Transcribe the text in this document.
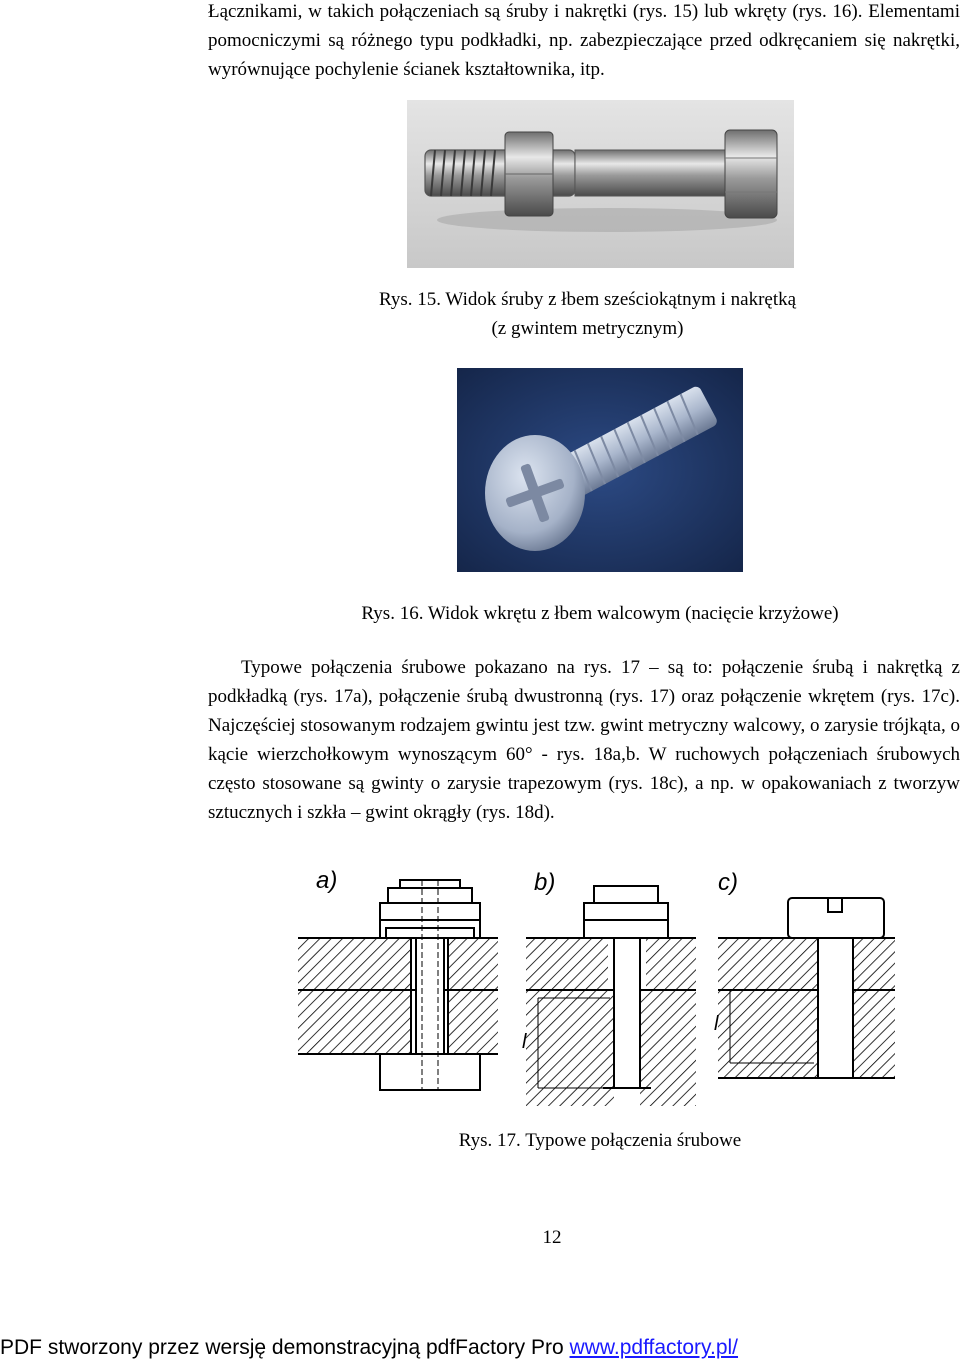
Łącznikami, w takich połączeniach są śruby i nakrętki (rys. 15) lub wkręty (rys. 16). Elementami pomocniczymi są różnego typu podkładki, np. zabezpieczające przed odkręcaniem się nakrętki, wyrównujące pochylenie ścianek kształtownika, itp.

Rys. 15. Widok śruby z łbem sześciokątnym i nakrętką

(z gwintem metrycznym)

Rys. 16. Widok wkrętu z łbem walcowym (nacięcie krzyżowe)

Typowe połączenia śrubowe pokazano na rys. 17 – są to: połączenie śrubą i nakrętką z podkładką (rys. 17a), połączenie śrubą dwustronną (rys. 17) oraz połączenie wkrętem (rys. 17c). Najczęściej stosowanym rodzajem gwintu jest tzw. gwint metryczny walcowy, o zarysie trójkąta, o kącie wierzchołkowym wynoszącym 60° - rys. 18a,b. W ruchowych połączeniach śrubowych często stosowane są gwinty o zarysie trapezowym (rys. 18c), a np. w opakowaniach z tworzyw sztucznych i szkła – gwint okrągły (rys. 18d).

a)	b)	c)
l
l

Rys. 17. Typowe połączenia śrubowe

12
PDF stworzony przez wersję demonstracyjną pdfFactory Pro www.pdffactory.pl/
